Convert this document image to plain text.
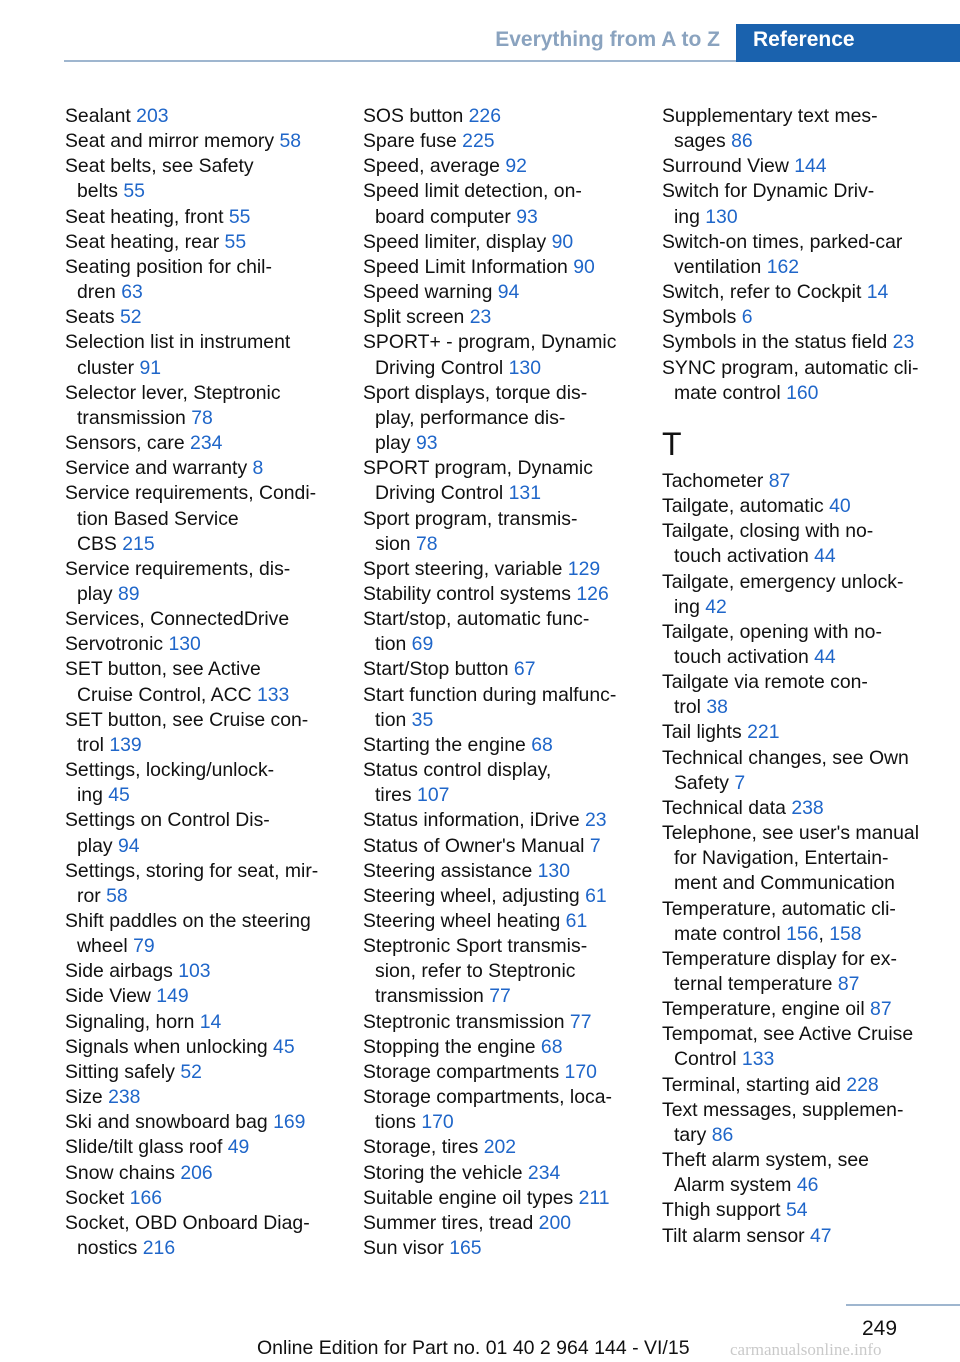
Everything from A to Z	Reference
Sealant 203
Seat and mirror memory 58
Seat belts, see Safety
belts 55
Seat heating, front 55
Seat heating, rear 55
Seating position for chil-
dren 63
Seats 52
Selection list in instrument
cluster 91
Selector lever, Steptronic
transmission 78
Sensors, care 234
Service and warranty 8
Service requirements, Condi-
tion Based Service
CBS 215
Service requirements, dis-
play 89
Services, ConnectedDrive
Servotronic 130
SET button, see Active
Cruise Control, ACC 133
SET button, see Cruise con-
trol 139
Settings, locking/unlock-
ing 45
Settings on Control Dis-
play 94
Settings, storing for seat, mir-
ror 58
Shift paddles on the steering
wheel 79
Side airbags 103
Side View 149
Signaling, horn 14
Signals when unlocking 45
Sitting safely 52
Size 238
Ski and snowboard bag 169
Slide/tilt glass roof 49
Snow chains 206
Socket 166
Socket, OBD Onboard Diag-
nostics 216
SOS button 226
Spare fuse 225
Speed, average 92
Speed limit detection, on-
board computer 93
Speed limiter, display 90
Speed Limit Information 90
Speed warning 94
Split screen 23
SPORT+ - program, Dynamic
Driving Control 130
Sport displays, torque dis-
play, performance dis-
play 93
SPORT program, Dynamic
Driving Control 131
Sport program, transmis-
sion 78
Sport steering, variable 129
Stability control systems 126
Start/stop, automatic func-
tion 69
Start/Stop button 67
Start function during malfunc-
tion 35
Starting the engine 68
Status control display,
tires 107
Status information, iDrive 23
Status of Owner's Manual 7
Steering assistance 130
Steering wheel, adjusting 61
Steering wheel heating 61
Steptronic Sport transmis-
sion, refer to Steptronic
transmission 77
Steptronic transmission 77
Stopping the engine 68
Storage compartments 170
Storage compartments, loca-
tions 170
Storage, tires 202
Storing the vehicle 234
Suitable engine oil types 211
Summer tires, tread 200
Sun visor 165
Supplementary text mes-
sages 86
Surround View 144
Switch for Dynamic Driv-
ing 130
Switch-on times, parked-car
ventilation 162
Switch, refer to Cockpit 14
Symbols 6
Symbols in the status field 23
SYNC program, automatic cli-
mate control 160
T
Tachometer 87
Tailgate, automatic 40
Tailgate, closing with no-
touch activation 44
Tailgate, emergency unlock-
ing 42
Tailgate, opening with no-
touch activation 44
Tailgate via remote con-
trol 38
Tail lights 221
Technical changes, see Own
Safety 7
Technical data 238
Telephone, see user's manual
for Navigation, Entertain-
ment and Communication
Temperature, automatic cli-
mate control 156, 158
Temperature display for ex-
ternal temperature 87
Temperature, engine oil 87
Tempomat, see Active Cruise
Control 133
Terminal, starting aid 228
Text messages, supplemen-
tary 86
Theft alarm system, see
Alarm system 46
Thigh support 54
Tilt alarm sensor 47
249
Online Edition for Part no. 01 40 2 964 144 - VI/15 carmanualsonline.info
